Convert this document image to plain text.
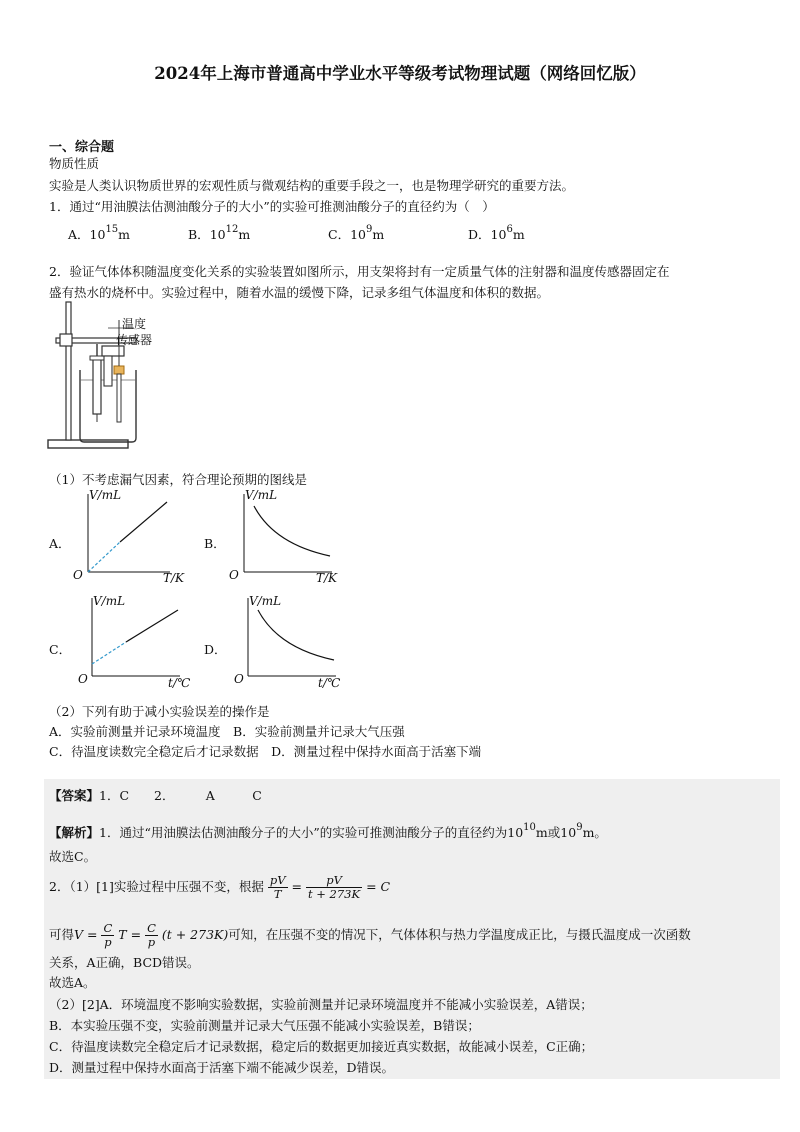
2024年上海市普通高中学业水平等级考试物理试题（网络回忆版）
一、综合题
物质性质
实验是人类认识物质世界的宏观性质与微观结构的重要手段之一，也是物理学研究的重要方法。
1．通过“用油膜法估测油酸分子的大小”的实验可推测油酸分子的直径约为（　）
A．$10^{15}m$	B．$10^{12}m$	C．$10^9m$	D．$10^6m$
2．验证气体体积随温度变化关系的实验装置如图所示，用支架将封有一定质量气体的注射器和温度传感器固定在
盛有热水的烧杯中。实验过程中，随着水温的缓慢下降，记录多组气体温度和体积的数据。
温度
传感器
（1）不考虑漏气因素，符合理论预期的图线是
A．
V/mL
O	T/K
B．
V/mL
O	T/K
C．
V/mL
O	t/℃
D．
V/mL
O	t/℃
（2）下列有助于减小实验误差的操作是
A．实验前测量并记录环境温度　B．实验前测量并记录大气压强
C．待温度读数完全稳定后才记录数据　D．测量过程中保持水面高于活塞下端
【答案】1．C　　2．　　　A　　　C
【解析】1．通过“用油膜法估测油酸分子的大小”的实验可推测油酸分子的直径约为$10^{10}m$或$10^9m$。
故选C。
2．（1）[1]实验过程中压强不变，根据 $\frac{pV}{T} = \frac{pV}{t + 273K} = C$
可得$V = \frac{C}{p}$ $T = \frac{C}{p} (t + 273K)$可知，在压强不变的情况下，气体体积与热力学温度成正比，与摄氏温度成一次函数
关系，A正确，BCD错误。
故选A。
（2）[2]A．环境温度不影响实验数据，实验前测量并记录环境温度并不能减小实验误差，A错误；
B．本实验压强不变，实验前测量并记录大气压强不能减小实验误差，B错误；
C．待温度读数完全稳定后才记录数据，稳定后的数据更加接近真实数据，故能减小误差，C正确；
D．测量过程中保持水面高于活塞下端不能减少误差，D错误。
